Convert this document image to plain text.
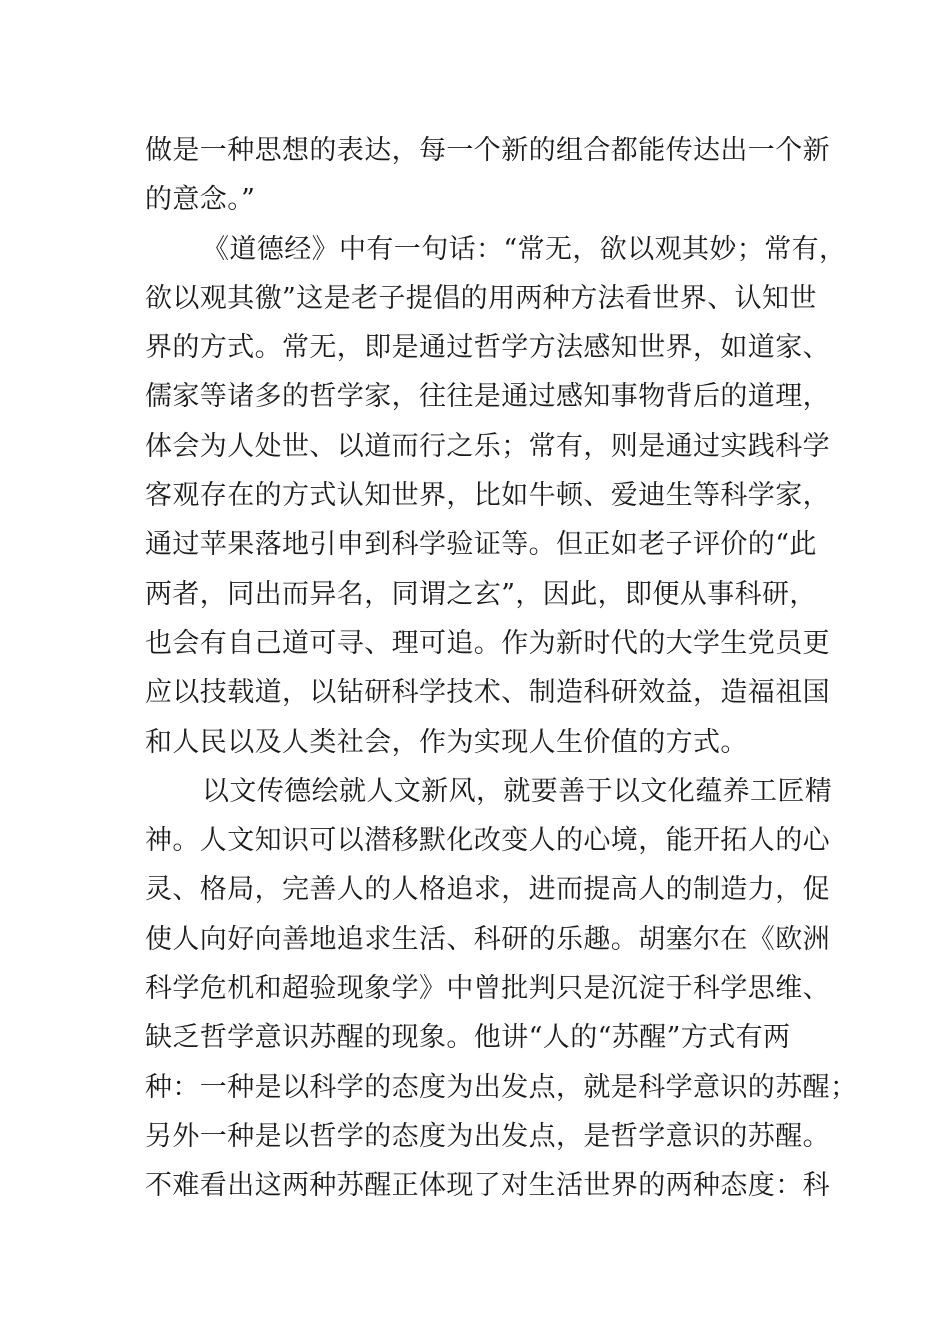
做是一种思想的表达，每一个新的组合都能传达出一个新
的意念。”
《道德经》中有一句话：“常无，欲以观其妙；常有，
欲以观其徼”这是老子提倡的用两种方法看世界、认知世
界的方式。常无，即是通过哲学方法感知世界，如道家、
儒家等诸多的哲学家，往往是通过感知事物背后的道理，
体会为人处世、以道而行之乐；常有，则是通过实践科学
客观存在的方式认知世界，比如牛顿、爱迪生等科学家，
通过苹果落地引申到科学验证等。但正如老子评价的“此
两者，同出而异名，同谓之玄”，因此，即便从事科研，
也会有自己道可寻、理可追。作为新时代的大学生党员更
应以技载道，以钻研科学技术、制造科研效益，造福祖国
和人民以及人类社会，作为实现人生价值的方式。
以文传德绘就人文新风，就要善于以文化蕴养工匠精
神。人文知识可以潜移默化改变人的心境，能开拓人的心
灵、格局，完善人的人格追求，进而提高人的制造力，促
使人向好向善地追求生活、科研的乐趣。胡塞尔在《欧洲
科学危机和超验现象学》中曾批判只是沉淀于科学思维、
缺乏哲学意识苏醒的现象。他讲“人的“苏醒”方式有两
种：一种是以科学的态度为出发点，就是科学意识的苏醒；
另外一种是以哲学的态度为出发点，是哲学意识的苏醒。
不难看出这两种苏醒正体现了对生活世界的两种态度：科
